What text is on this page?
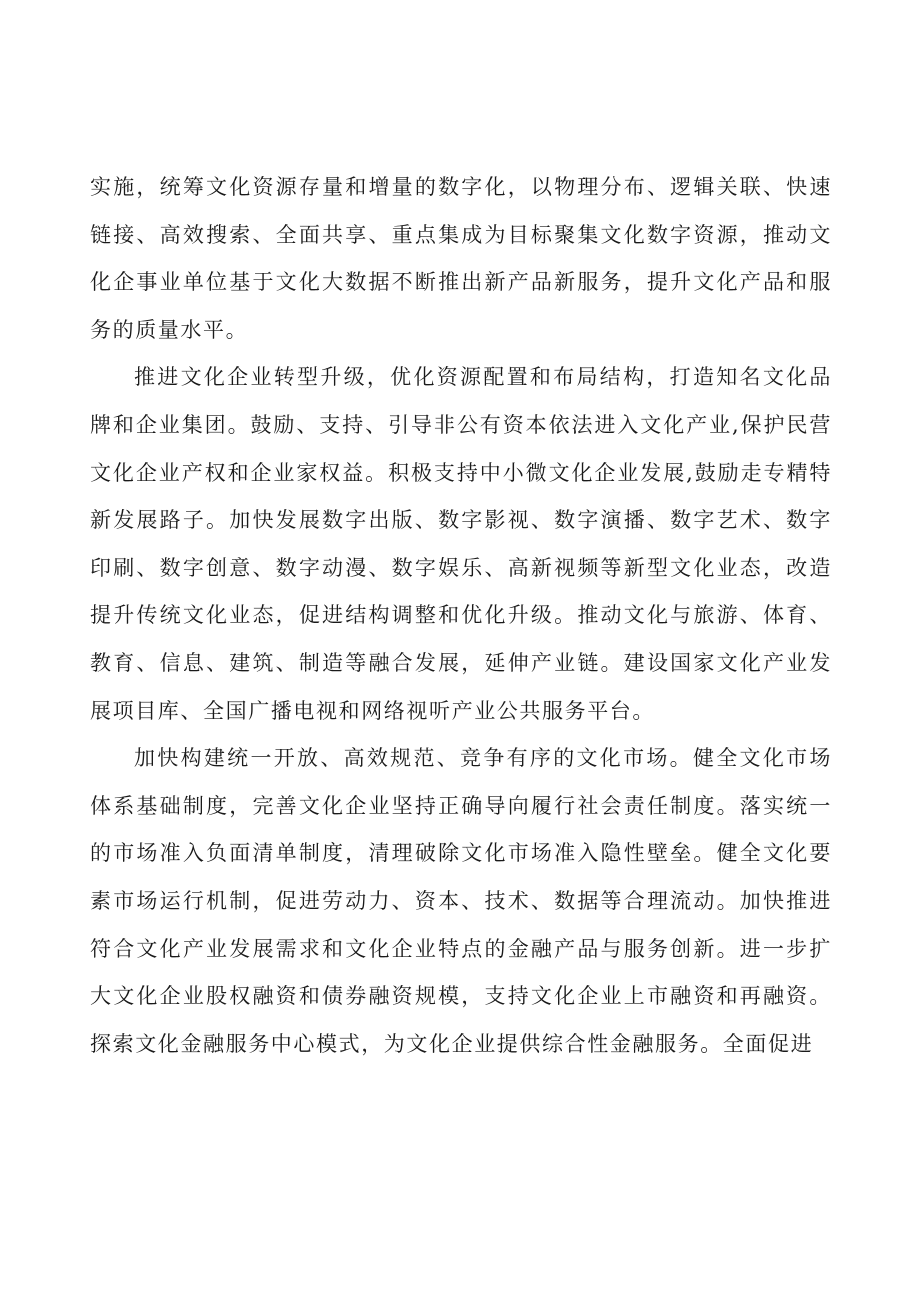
实施，统筹文化资源存量和增量的数字化，以物理分布、逻辑关联、快速链接、高效搜索、全面共享、重点集成为目标聚集文化数字资源，推动文化企事业单位基于文化大数据不断推出新产品新服务，提升文化产品和服务的质量水平。

推进文化企业转型升级，优化资源配置和布局结构，打造知名文化品牌和企业集团。鼓励、支持、引导非公有资本依法进入文化产业,保护民营文化企业产权和企业家权益。积极支持中小微文化企业发展,鼓励走专精特新发展路子。加快发展数字出版、数字影视、数字演播、数字艺术、数字印刷、数字创意、数字动漫、数字娱乐、高新视频等新型文化业态，改造提升传统文化业态，促进结构调整和优化升级。推动文化与旅游、体育、教育、信息、建筑、制造等融合发展，延伸产业链。建设国家文化产业发展项目库、全国广播电视和网络视听产业公共服务平台。

加快构建统一开放、高效规范、竞争有序的文化市场。健全文化市场体系基础制度，完善文化企业坚持正确导向履行社会责任制度。落实统一的市场准入负面清单制度，清理破除文化市场准入隐性壁垒。健全文化要素市场运行机制，促进劳动力、资本、技术、数据等合理流动。加快推进符合文化产业发展需求和文化企业特点的金融产品与服务创新。进一步扩大文化企业股权融资和债券融资规模，支持文化企业上市融资和再融资。探索文化金融服务中心模式，为文化企业提供综合性金融服务。全面促进
